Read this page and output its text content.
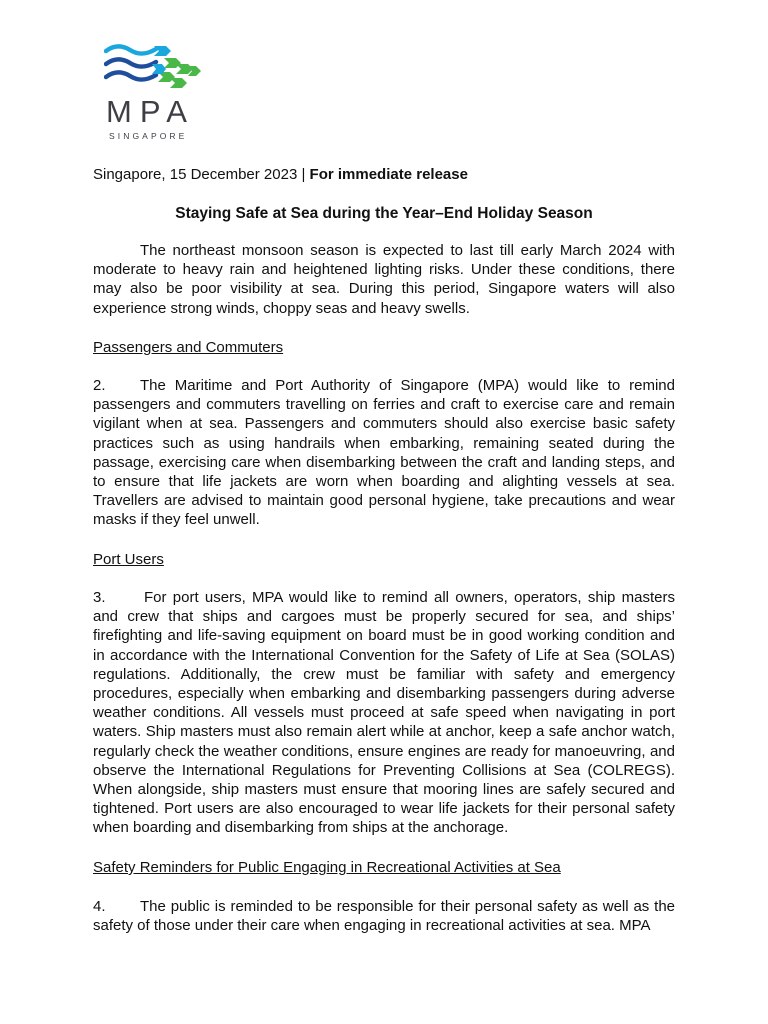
MPA
SINGAPORE

Singapore, 15 December 2023 | For immediate release

Staying Safe at Sea during the Year–End Holiday Season

The northeast monsoon season is expected to last till early March 2024 with moderate to heavy rain and heightened lighting risks. Under these conditions, there may also be poor visibility at sea. During this period, Singapore waters will also experience strong winds, choppy seas and heavy swells.

Passengers and Commuters

2. The Maritime and Port Authority of Singapore (MPA) would like to remind passengers and commuters travelling on ferries and craft to exercise care and remain vigilant when at sea. Passengers and commuters should also exercise basic safety practices such as using handrails when embarking, remaining seated during the passage, exercising care when disembarking between the craft and landing steps, and to ensure that life jackets are worn when boarding and alighting vessels at sea. Travellers are advised to maintain good personal hygiene, take precautions and wear masks if they feel unwell.

Port Users

3.	For port users, MPA would like to remind all owners, operators, ship masters and crew that ships and cargoes must be properly secured for sea, and ships’ firefighting and life-saving equipment on board must be in good working condition and in accordance with the International Convention for the Safety of Life at Sea (SOLAS) regulations. Additionally, the crew must be familiar with safety and emergency procedures, especially when embarking and disembarking passengers during adverse weather conditions. All vessels must proceed at safe speed when navigating in port waters. Ship masters must also remain alert while at anchor, keep a safe anchor watch, regularly check the weather conditions, ensure engines are ready for manoeuvring, and observe the International Regulations for Preventing Collisions at Sea (COLREGS). When alongside, ship masters must ensure that mooring lines are safely secured and tightened. Port users are also encouraged to wear life jackets for their personal safety when boarding and disembarking from ships at the anchorage.

Safety Reminders for Public Engaging in Recreational Activities at Sea

4. The public is reminded to be responsible for their personal safety as well as the safety of those under their care when engaging in recreational activities at sea. MPA
